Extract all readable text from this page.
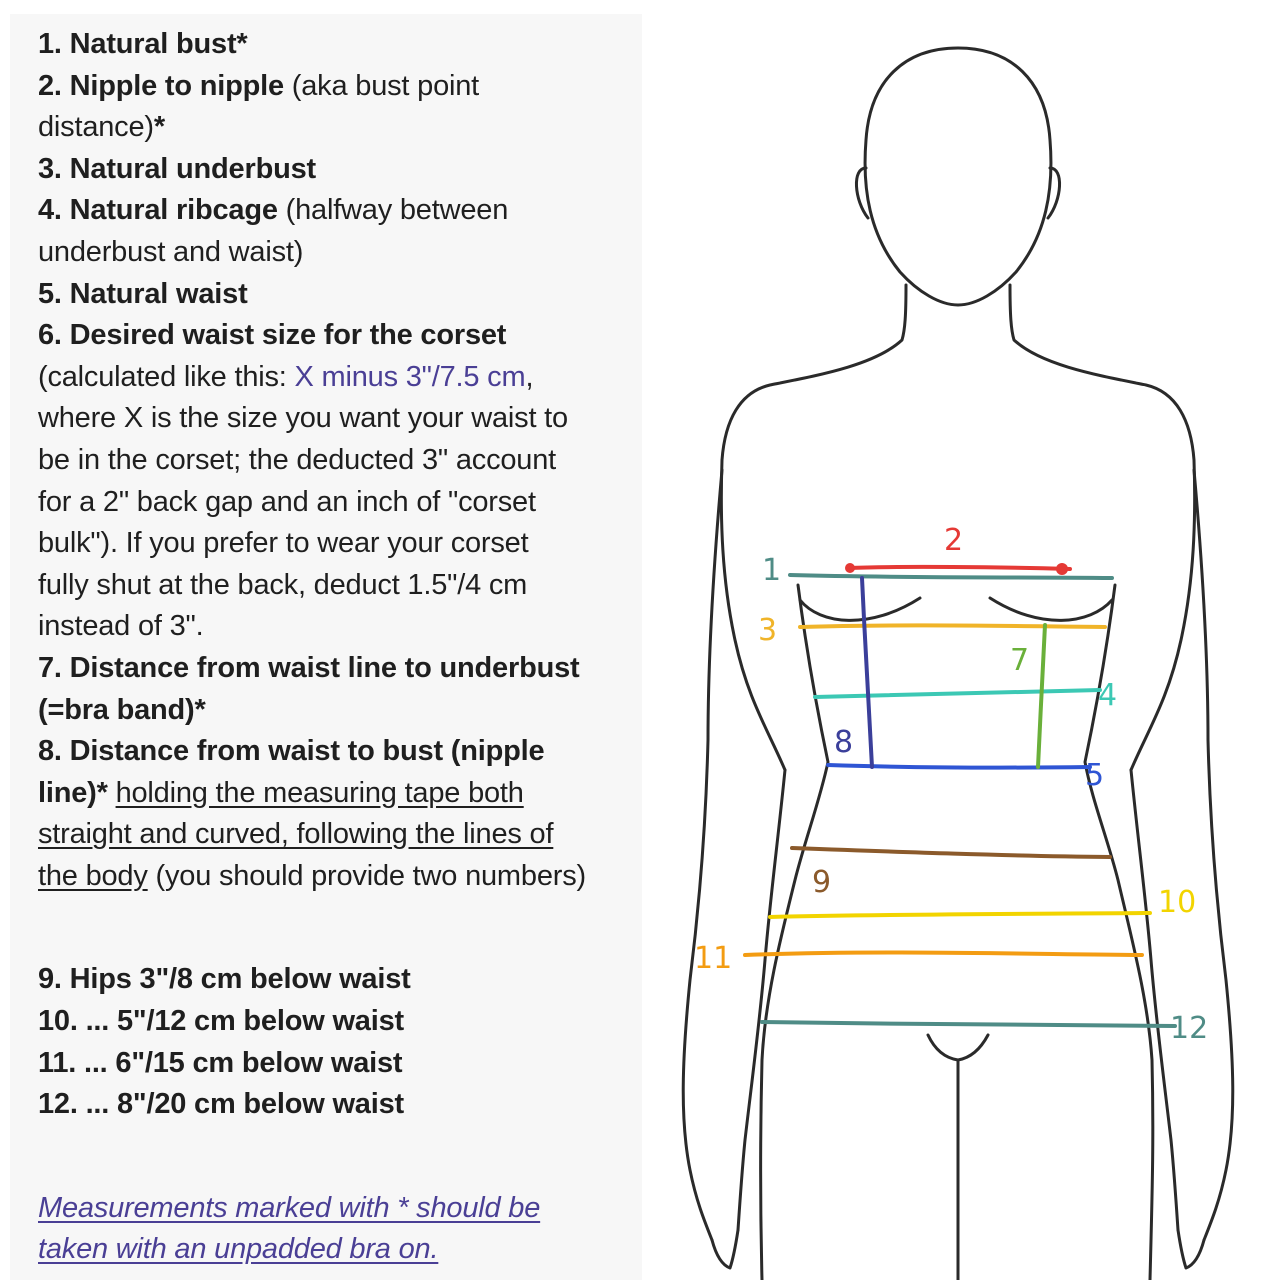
1. Natural bust*

2. Nipple to nipple (aka bust point

distance)*

3. Natural underbust

4. Natural ribcage (halfway between

underbust and waist)

5. Natural waist

6. Desired waist size for the corset

(calculated like this: X minus 3"/7.5 cm,

where X is the size you want your waist to

be in the corset; the deducted 3" account

for a 2" back gap and an inch of "corset

bulk"). If you prefer to wear your corset

fully shut at the back, deduct 1.5"/4 cm

instead of 3".

7. Distance from waist line to underbust

(=bra band)*

8. Distance from waist to bust (nipple

line)* holding the measuring tape both

straight and curved, following the lines of

the body (you should provide two numbers)

9. Hips 3"/8 cm below waist

10. ... 5"/12 cm below waist

11. ... 6"/15 cm below waist

12. ... 8"/20 cm below waist

Measurements marked with * should be

taken with an unpadded bra on.

1
2
3
4
5
7
8
9
10
11
12
